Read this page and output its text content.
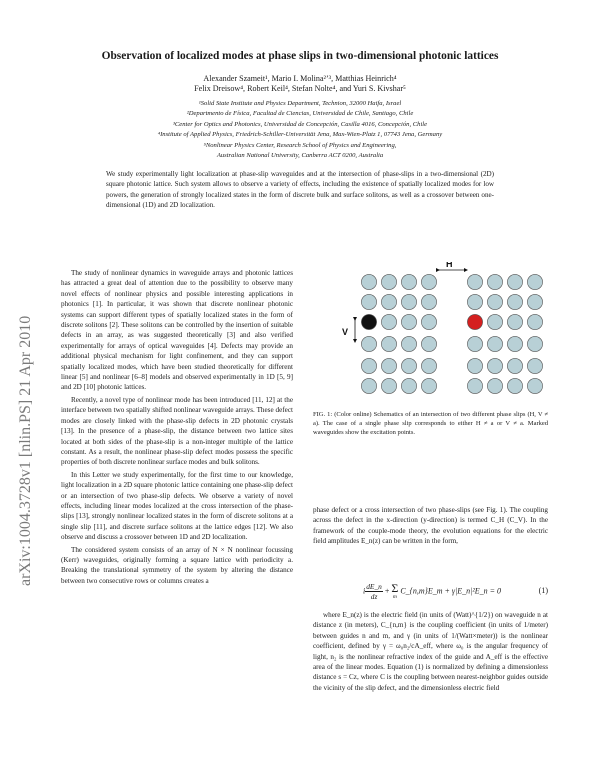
arXiv:1004.3728v1 [nlin.PS] 21 Apr 2010
Observation of localized modes at phase slips in two-dimensional photonic lattices
Alexander Szameit¹, Mario I. Molina²ʼ³, Matthias Heinrich⁴
Felix Dreisow⁴, Robert Keil⁴, Stefan Nolte⁴, and Yuri S. Kivshar⁵
¹Solid State Institute and Physics Department, Technion, 32000 Haifa, Israel
²Departmento de Física, Facultad de Ciencias, Universidad de Chile, Santiago, Chile
³Center for Optics and Photonics, Universidad de Concepción, Casilla 4016, Concepción, Chile
⁴Institute of Applied Physics, Friedrich-Schiller-Universität Jena, Max-Wien-Platz 1, 07743 Jena, Germany
⁵Nonlinear Physics Center, Research School of Physics and Engineering,
Australian National University, Canberra ACT 0200, Australia
We study experimentally light localization at phase-slip waveguides and at the intersection of phase-slips in a two-dimensional (2D) square photonic lattice. Such system allows to observe a variety of effects, including the existence of spatially localized modes for low powers, the generation of strongly localized states in the form of discrete bulk and surface solitons, as well as a crossover between one-dimensional (1D) and 2D localization.

The study of nonlinear dynamics in waveguide arrays and photonic lattices has attracted a great deal of attention due to the possibility to observe many novel effects of nonlinear physics and possible interesting applications in photonics [1]. In particular, it was shown that discrete nonlinear photonic systems can support different types of spatially localized states in the form of discrete solitons [2]. These solitons can be controlled by the insertion of suitable defects in an array, as was suggested theoretically [3] and also verified experimentally for arrays of optical waveguides [4]. Defects may provide an additional physical mechanism for light confinement, and they can support spatially localized modes, which have been studied theoretically for different linear [5] and nonlinear [6–8] models and observed experimentally in 1D [5, 9] and 2D [10] photonic lattices.

Recently, a novel type of nonlinear mode has been introduced [11, 12] at the interface between two spatially shifted nonlinear waveguide arrays. These defect modes are closely linked with the phase-slip defects in 2D photonic crystals [13]. In the presence of a phase-slip, the distance between two lattice sites located at both sides of the phase-slip is a non-integer multiple of the lattice constant. As a result, the nonlinear phase-slip defect modes possess the specific properties of both discrete nonlinear surface modes and bulk solitons.

In this Letter we study experimentally, for the first time to our knowledge, light localization in a 2D square photonic lattice containing one phase-slip defect or an intersection of two phase-slip defects. We observe a variety of novel effects, including linear modes localized at the cross intersection of the phase-slips [13], strongly nonlinear localized states in the form of discrete solitons at a single slip [11], and discrete surface solitons at the lattice edges [12]. We also observe and discuss a crossover between 1D and 2D localization.

The considered system consists of an array of N × N nonlinear focussing (Kerr) waveguides, originally forming a square lattice with periodicity a. Breaking the translational symmetry of the system by altering the distance between two consecutive rows or columns creates a

H
V
FIG. 1: (Color online) Schematics of an intersection of two different phase slips (H, V ≠ a). The case of a single phase slip corresponds to either H ≠ a or V ≠ a. Marked waveguides show the excitation points.

phase defect or a cross intersection of two phase-slips (see Fig. 1). The coupling across the defect in the x-direction (y-direction) is termed C_H (C_V). In the framework of the couple-mode theory, the evolution equations for the electric field amplitudes E_n(z) can be written in the form,

i $\frac{dE\_n}{dz} + \Sigma$
m
C_{n,m}E_m + γ|E_n|²E_n = 0	(1)

where E_n(z) is the electric field (in units of (Watt)^{1/2}) on waveguide n at distance z (in meters), C_{n,m} is the coupling coefficient (in units of 1/meter) between guides n and m, and γ (in units of 1/(Watt×meter)) is the nonlinear coefficient, defined by γ = ω₀n₂/cA_eff, where ω₀ is the angular frequency of light, n₂ is the nonlinear refractive index of the guide and A_eff is the effective area of the linear modes. Equation (1) is normalized by defining a dimensionless distance s = Cz, where C is the coupling between nearest-neighbor guides outside the vicinity of the slip defect, and the dimensionless electric field
